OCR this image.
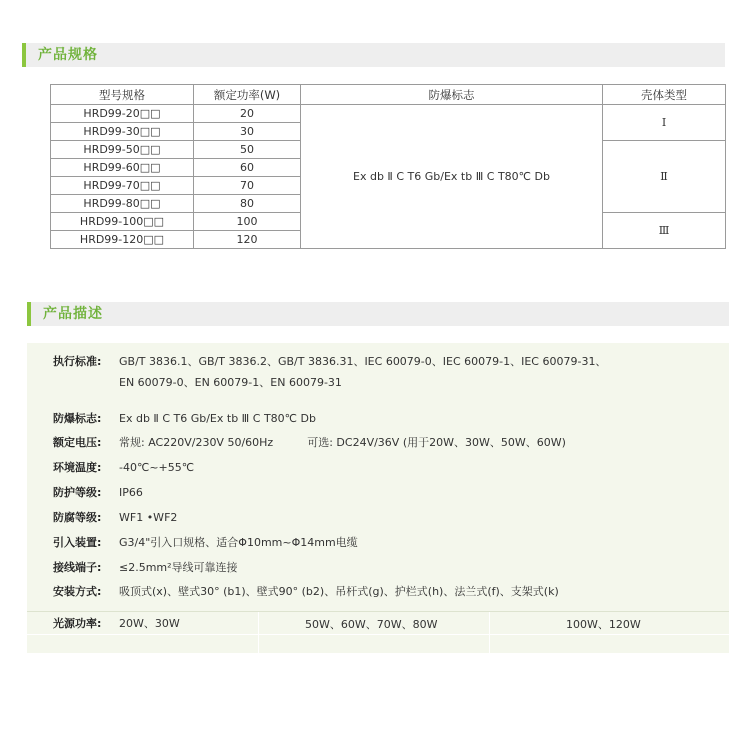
产品规格
型号规格	额定功率(W)	防爆标志	壳体类型
HRD99-20□□	20	Ex db Ⅱ C T6 Gb/Ex tb Ⅲ C T80℃ Db	Ⅰ
HRD99-30□□	30		
HRD99-50□□	50		Ⅱ
HRD99-60□□	60		
HRD99-70□□	70		
HRD99-80□□	80		
HRD99-100□□	100		Ⅲ
HRD99-120□□	120		
产品描述
执行标准: GB/T 3836.1、GB/T 3836.2、GB/T 3836.31、IEC 60079-0、IEC 60079-1、IEC 60079-31、
EN 60079-0、EN 60079-1、EN 60079-31
防爆标志: Ex db Ⅱ C T6 Gb/Ex tb Ⅲ C T80℃ Db
额定电压: 常规: AC220V/230V 50/60Hz	可选: DC24V/36V (用于20W、30W、50W、60W)
环境温度: -40℃~+55℃
防护等级: IP66
防腐等级: WF1 •WF2
引入装置: G3/4"引入口规格、适合Φ10mm~Φ14mm电缆
接线端子: ≤2.5mm²导线可靠连接
安装方式: 吸顶式(x)、壁式30° (b1)、壁式90° (b2)、吊杆式(g)、护栏式(h)、法兰式(f)、支架式(k)
光源功率: 20W、30W	50W、60W、70W、80W	100W、120W
